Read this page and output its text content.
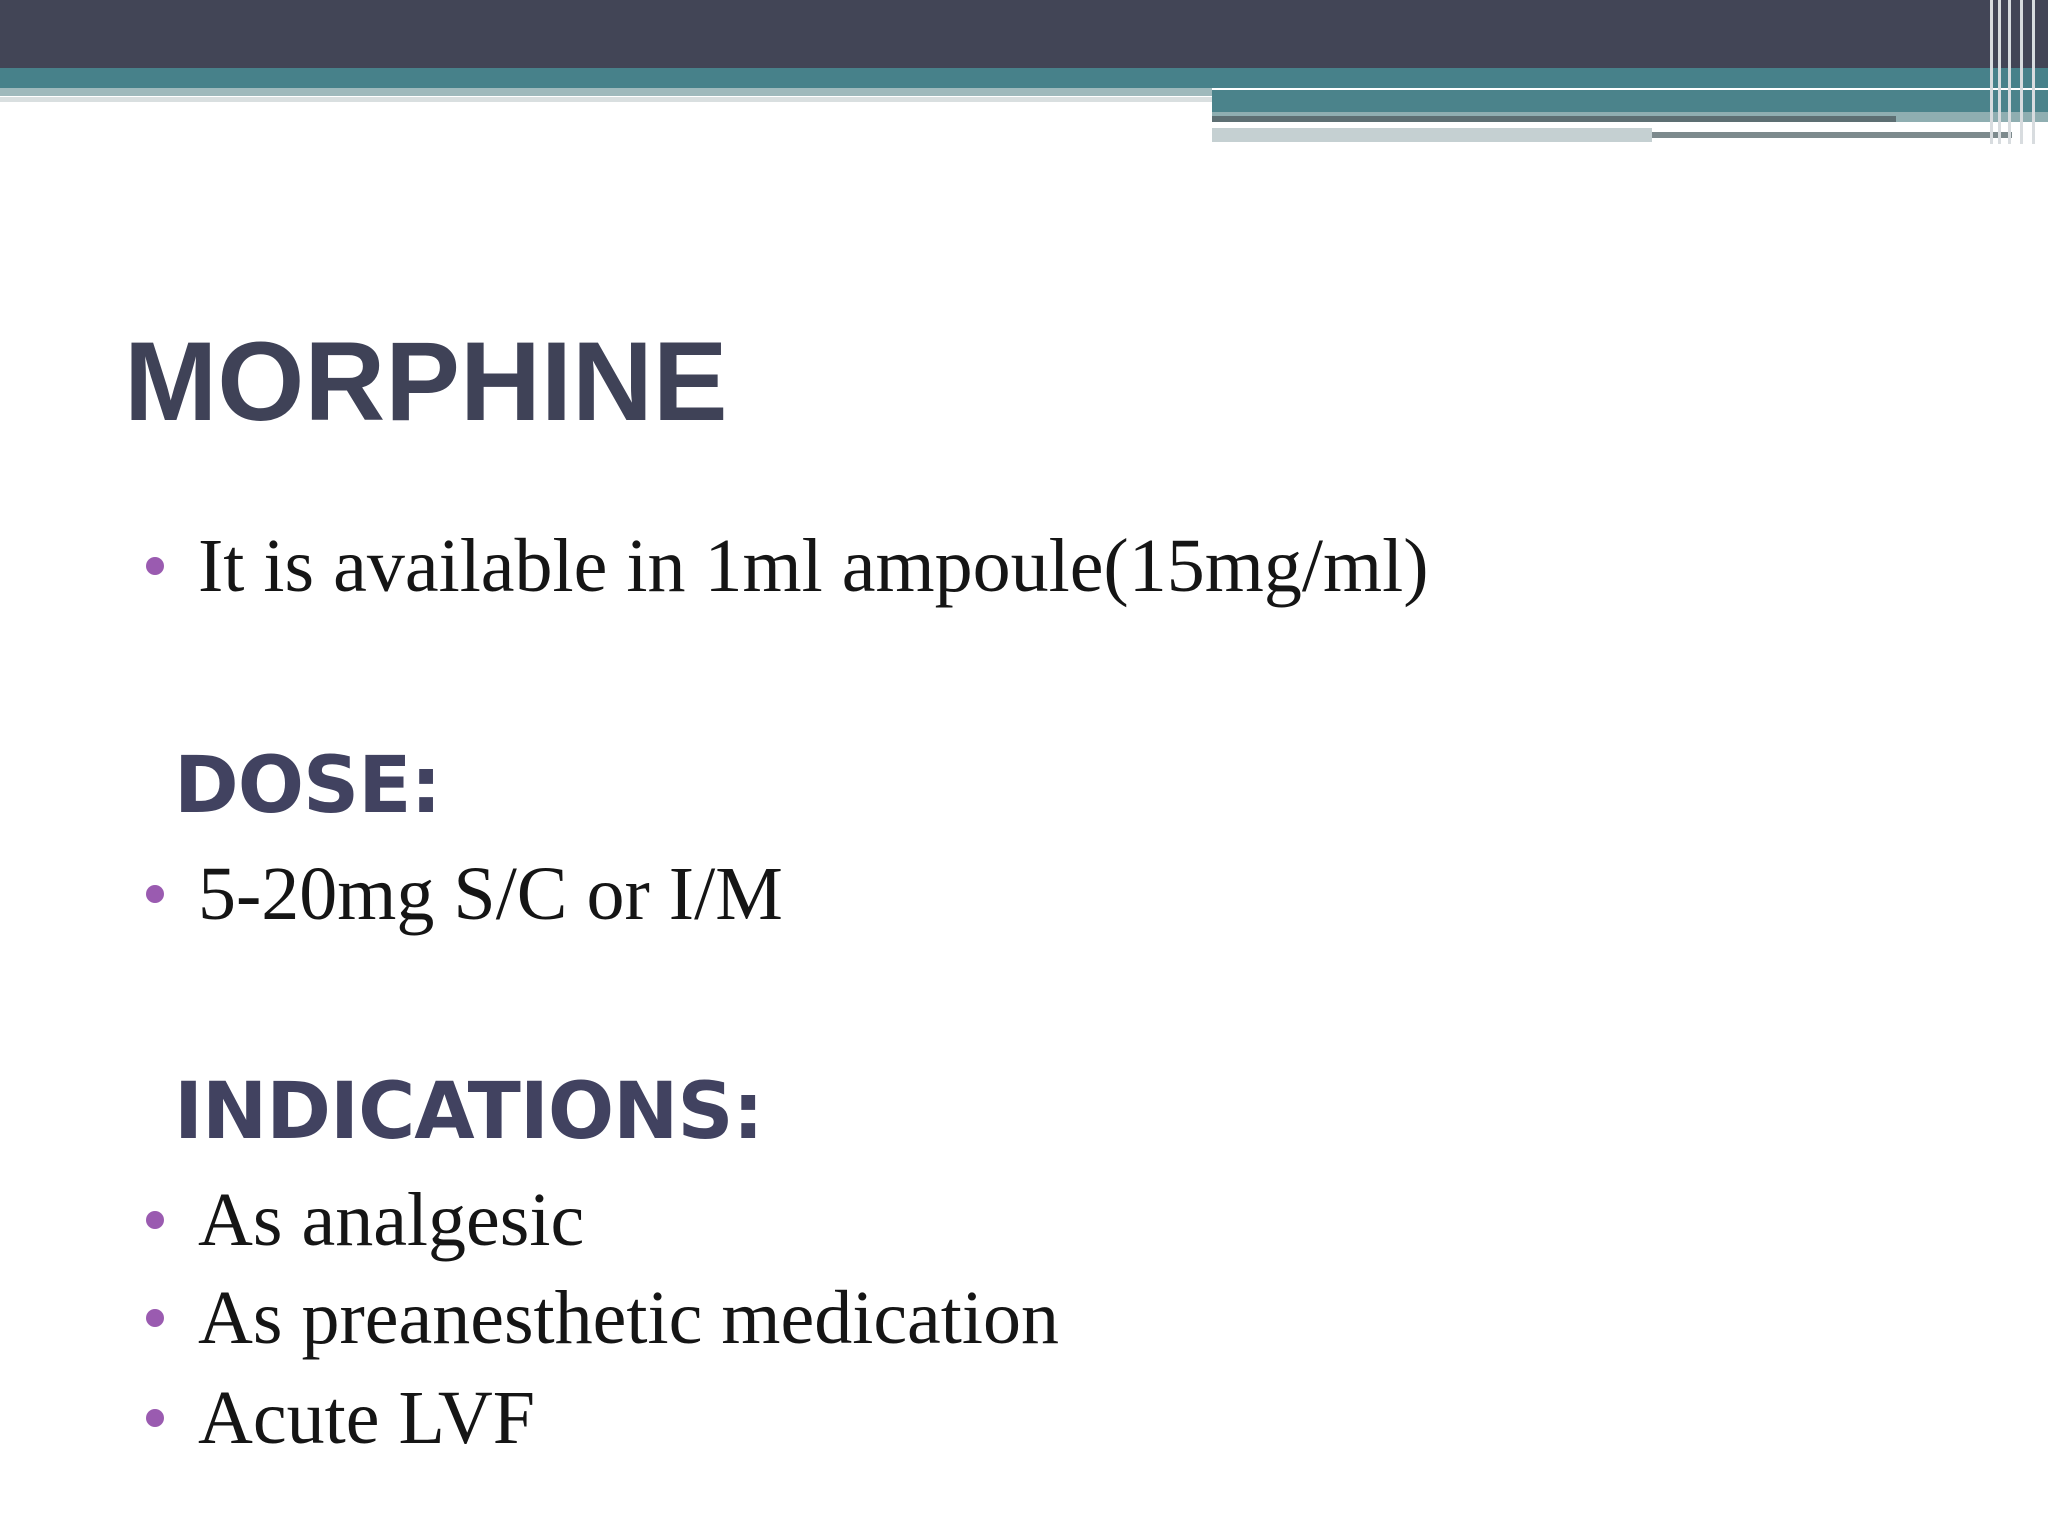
MORPHINE
It is available in 1ml ampoule(15mg/ml)
DOSE:
5-20mg S/C or I/M
INDICATIONS:
As analgesic
As preanesthetic medication
Acute LVF
